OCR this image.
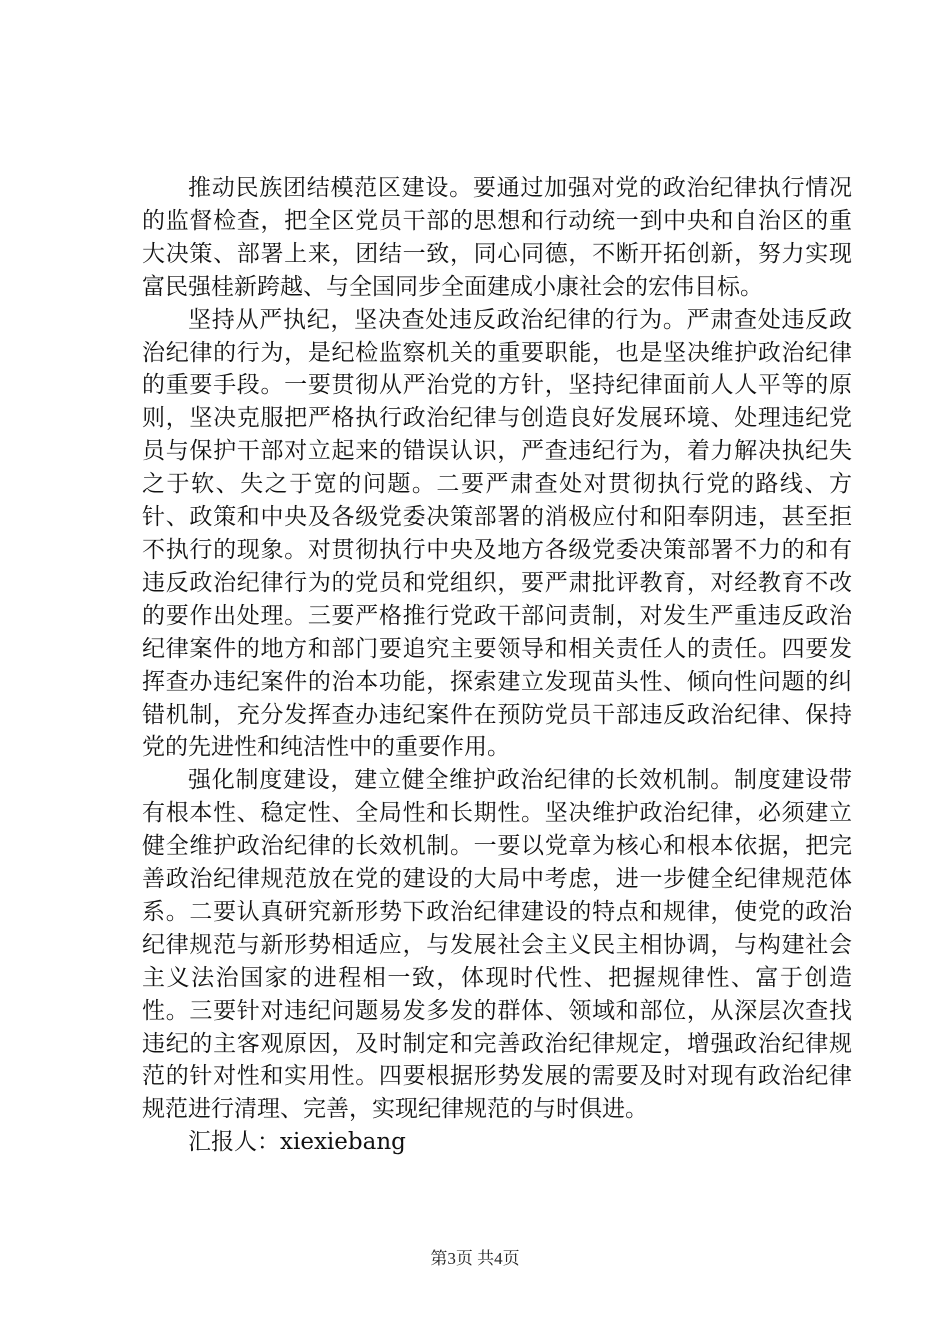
推动民族团结模范区建设。要通过加强对党的政治纪律执行情况的监督检查，把全区党员干部的思想和行动统一到中央和自治区的重大决策、部署上来，团结一致，同心同德，不断开拓创新，努力实现富民强桂新跨越、与全国同步全面建成小康社会的宏伟目标。

坚持从严执纪，坚决查处违反政治纪律的行为。严肃查处违反政治纪律的行为，是纪检监察机关的重要职能，也是坚决维护政治纪律的重要手段。一要贯彻从严治党的方针，坚持纪律面前人人平等的原则，坚决克服把严格执行政治纪律与创造良好发展环境、处理违纪党员与保护干部对立起来的错误认识，严查违纪行为，着力解决执纪失之于软、失之于宽的问题。二要严肃查处对贯彻执行党的路线、方针、政策和中央及各级党委决策部署的消极应付和阳奉阴违，甚至拒不执行的现象。对贯彻执行中央及地方各级党委决策部署不力的和有违反政治纪律行为的党员和党组织，要严肃批评教育，对经教育不改的要作出处理。三要严格推行党政干部问责制，对发生严重违反政治纪律案件的地方和部门要追究主要领导和相关责任人的责任。四要发挥查办违纪案件的治本功能，探索建立发现苗头性、倾向性问题的纠错机制，充分发挥查办违纪案件在预防党员干部违反政治纪律、保持党的先进性和纯洁性中的重要作用。

强化制度建设，建立健全维护政治纪律的长效机制。制度建设带有根本性、稳定性、全局性和长期性。坚决维护政治纪律，必须建立健全维护政治纪律的长效机制。一要以党章为核心和根本依据，把完善政治纪律规范放在党的建设的大局中考虑，进一步健全纪律规范体系。二要认真研究新形势下政治纪律建设的特点和规律，使党的政治纪律规范与新形势相适应，与发展社会主义民主相协调，与构建社会主义法治国家的进程相一致，体现时代性、把握规律性、富于创造性。三要针对违纪问题易发多发的群体、领域和部位，从深层次查找违纪的主客观原因，及时制定和完善政治纪律规定，增强政治纪律规范的针对性和实用性。四要根据形势发展的需要及时对现有政治纪律规范进行清理、完善，实现纪律规范的与时俱进。

汇报人：xiexiebang

第3页 共4页
